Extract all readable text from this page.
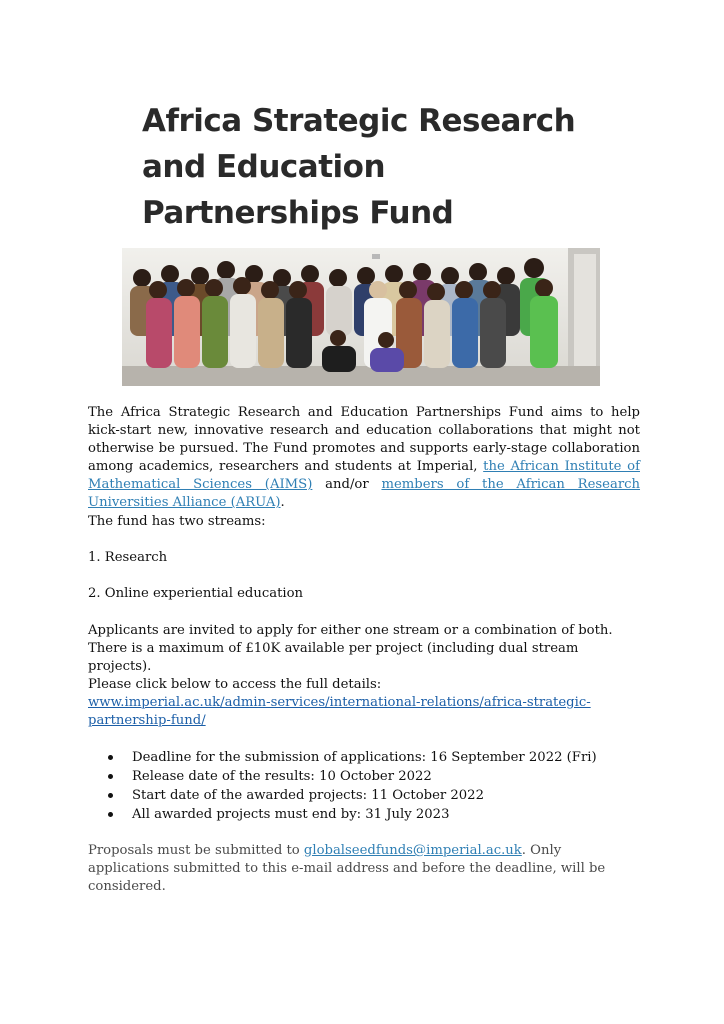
Africa Strategic Research
and Education
Partnerships Fund

The Africa Strategic Research and Education Partnerships Fund aims to help kick-start new, innovative research and education collaborations that might not otherwise be pursued. The Fund promotes and supports early-stage collaboration among academics, researchers and students at Imperial, the African Institute of Mathematical Sciences (AIMS) and/or members of the African Research Universities Alliance (ARUA).

The fund has two streams:

1. Research

2. Online experiential education

Applicants are invited to apply for either one stream or a combination of both. There is a maximum of £10K available per project (including dual stream projects).

Please click below to access the full details:

www.imperial.ac.uk/admin-services/international-relations/africa-strategic-partnership-fund/

Deadline for the submission of applications: 16 September 2022 (Fri)
Release date of the results: 10 October 2022
Start date of the awarded projects: 11 October 2022
All awarded projects must end by: 31 July 2023

Proposals must be submitted to globalseedfunds@imperial.ac.uk. Only applications submitted to this e-mail address and before the deadline, will be considered.
